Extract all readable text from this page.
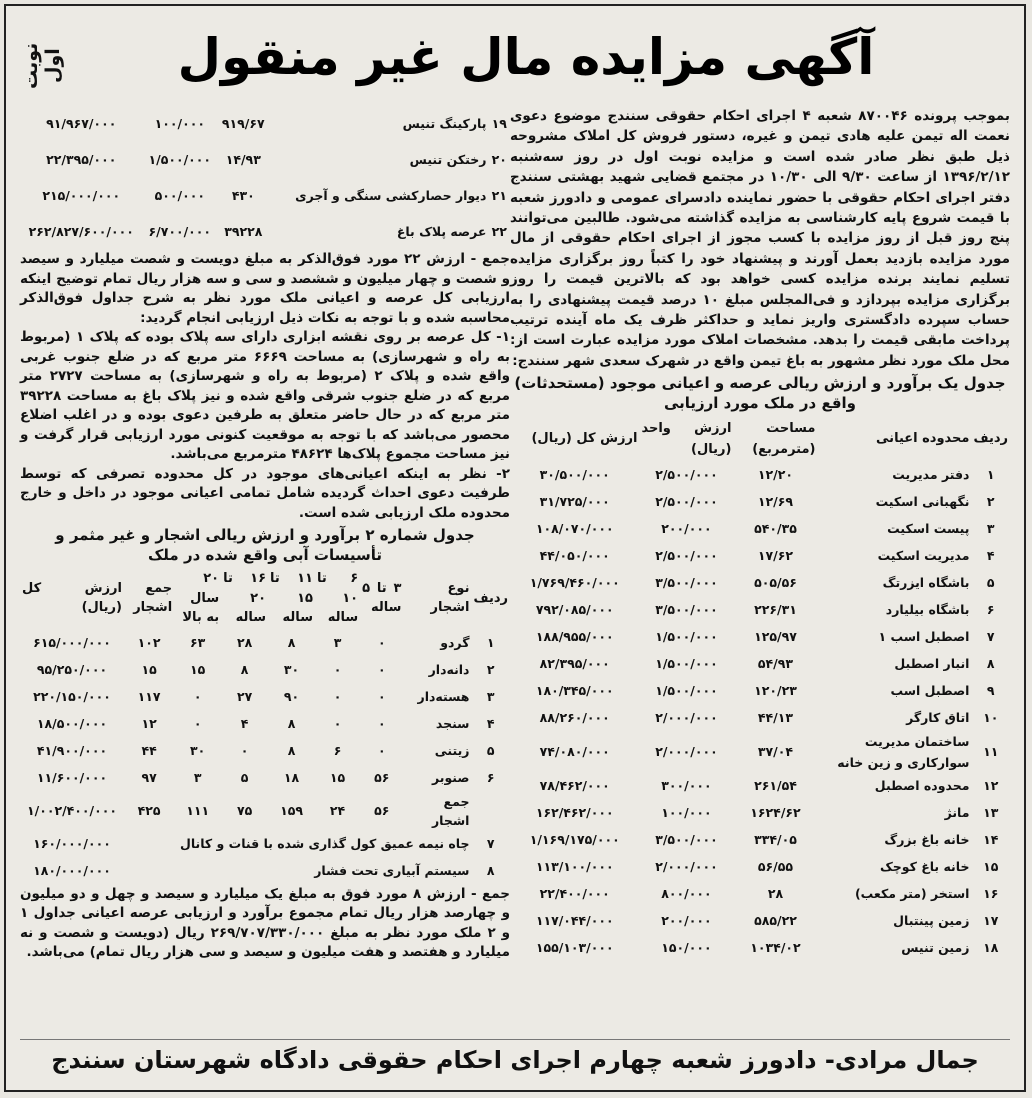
آگهی مزایده مال غیر منقول
نوبت اول

بموجب پرونده ۸۷۰۰۴۶ شعبه ۴ اجرای احکام حقوقی سنندج موضوع دعوی نعمت اله تیمن علیه هادی تیمن و غیره، دستور فروش کل املاک مشروحه ذیل طبق نظر صادر شده است و مزایده نوبت اول در روز سه‌شنبه ۱۳۹۶/۲/۱۲ از ساعت ۹/۳۰ الی ۱۰/۳۰ در مجتمع قضایی شهید بهشتی سنندج دفتر اجرای احکام حقوقی با حضور نماینده دادسرای عمومی و دادورز شعبه با قیمت شروع پایه کارشناسی به مزایده گذاشته می‌شود. طالبین می‌توانند پنج روز قبل از روز مزایده با کسب مجوز از اجرای احکام حقوقی از مال مورد مزایده بازدید بعمل آورند و پیشنهاد خود را کتباً روز برگزاری مزایده تسلیم نمایند برنده مزایده کسی خواهد بود که بالاترین قیمت را روز برگزاری مزایده بپردازد و فی‌المجلس مبلغ ۱۰ درصد قیمت پیشنهادی را به حساب سپرده دادگستری واریز نماید و حداکثر ظرف یک ماه آینده ترتیب پرداخت مابقی قیمت را بدهد. مشخصات املاک مورد مزایده عبارت است از: محل ملک مورد نظر مشهور به باغ تیمن واقع در شهرک سعدی شهر سنندج:

جدول یک برآورد و ارزش ریالی عرصه و اعیانی موجود (مستحدثات) واقع در ملک مورد ارزیابی
ردیف	محدوده اعیانی	مساحت (مترمربع)	ارزش واحد (ریال)	ارزش کل (ریال)
۱	دفتر مدیریت	۱۲/۲۰	۲/۵۰۰/۰۰۰	۳۰/۵۰۰/۰۰۰
۲	نگهبانی اسکیت	۱۲/۶۹	۲/۵۰۰/۰۰۰	۳۱/۷۲۵/۰۰۰
۳	پیست اسکیت	۵۴۰/۳۵	۲۰۰/۰۰۰	۱۰۸/۰۷۰/۰۰۰
۴	مدیریت اسکیت	۱۷/۶۲	۲/۵۰۰/۰۰۰	۴۴/۰۵۰/۰۰۰
۵	باشگاه ایزرتگ	۵۰۵/۵۶	۳/۵۰۰/۰۰۰	۱/۷۶۹/۴۶۰/۰۰۰
۶	باشگاه بیلیارد	۲۲۶/۳۱	۳/۵۰۰/۰۰۰	۷۹۲/۰۸۵/۰۰۰
۷	اصطبل اسب ۱	۱۲۵/۹۷	۱/۵۰۰/۰۰۰	۱۸۸/۹۵۵/۰۰۰
۸	انبار اصطبل	۵۴/۹۳	۱/۵۰۰/۰۰۰	۸۲/۳۹۵/۰۰۰
۹	اصطبل اسب	۱۲۰/۲۳	۱/۵۰۰/۰۰۰	۱۸۰/۳۴۵/۰۰۰
۱۰	اتاق کارگر	۴۴/۱۳	۲/۰۰۰/۰۰۰	۸۸/۲۶۰/۰۰۰
۱۱	ساختمان مدیریت سوارکاری و زین خانه	۳۷/۰۴	۲/۰۰۰/۰۰۰	۷۴/۰۸۰/۰۰۰
۱۲	محدوده اصطبل	۲۶۱/۵۴	۳۰۰/۰۰۰	۷۸/۴۶۲/۰۰۰
۱۳	مانژ	۱۶۲۴/۶۲	۱۰۰/۰۰۰	۱۶۲/۴۶۲/۰۰۰
۱۴	خانه باغ بزرگ	۳۳۴/۰۵	۳/۵۰۰/۰۰۰	۱/۱۶۹/۱۷۵/۰۰۰
۱۵	خانه باغ کوچک	۵۶/۵۵	۲/۰۰۰/۰۰۰	۱۱۳/۱۰۰/۰۰۰
۱۶	استخر (متر مکعب)	۲۸	۸۰۰/۰۰۰	۲۲/۴۰۰/۰۰۰
۱۷	زمین پینتبال	۵۸۵/۲۲	۲۰۰/۰۰۰	۱۱۷/۰۴۴/۰۰۰
۱۸	زمین تنیس	۱۰۳۴/۰۲	۱۵۰/۰۰۰	۱۵۵/۱۰۳/۰۰۰
۱۹	پارکینگ تنیس	۹۱۹/۶۷	۱۰۰/۰۰۰	۹۱/۹۶۷/۰۰۰
۲۰	رختکن تنیس	۱۴/۹۳	۱/۵۰۰/۰۰۰	۲۲/۳۹۵/۰۰۰
۲۱	دیوار حصارکشی سنگی و آجری	۴۳۰	۵۰۰/۰۰۰	۲۱۵/۰۰۰/۰۰۰
۲۲	عرصه پلاک باغ	۳۹۲۲۸	۶/۷۰۰/۰۰۰	۲۶۲/۸۲۷/۶۰۰/۰۰۰

جمع - ارزش ۲۲ مورد فوق‌الذکر به مبلغ دویست و شصت میلیارد و سیصد و شصت و چهار میلیون و ششصد و سی و سه هزار ریال تمام توضیح اینکه ارزیابی کل عرصه و اعیانی ملک مورد نظر به شرح جداول فوق‌الذکر محاسبه شده و با توجه به نکات ذیل ارزیابی انجام گردید:

۱- کل عرصه بر روی نقشه ابزاری دارای سه پلاک بوده که پلاک ۱ (مربوط به راه و شهرسازی) به مساحت ۶۶۶۹ متر مربع که در ضلع جنوب غربی واقع شده و پلاک ۲ (مربوط به راه و شهرسازی) به مساحت ۲۷۲۷ متر مربع که در ضلع جنوب شرقی واقع شده و نیز پلاک باغ به مساحت ۳۹۲۲۸ متر مربع که در حال حاضر متعلق به طرفین دعوی بوده و در اغلب اضلاع محصور می‌باشد که با توجه به موقعیت کنونی مورد ارزیابی قرار گرفت و نیز مساحت مجموع پلاک‌ها ۴۸۶۲۴ مترمربع می‌باشد.

۲- نظر به اینکه اعیانی‌های موجود در کل محدوده تصرفی که توسط طرفیت دعوی احداث گردیده شامل تمامی اعیانی موجود در داخل و خارج محدوده ملک ارزیابی شده است.

جدول شماره ۲ برآورد و ارزش ریالی اشجار و غیر مثمر و تأسیسات آبی واقع شده در ملک
ردیف	نوع اشجار	۳ تا ۵ ساله	۶ تا ۱۰ ساله	۱۱ تا ۱۵ ساله	۱۶ تا ۲۰ ساله	۲۰ سال به بالا	جمع اشجار	ارزش کل (ریال)
۱	گردو	۰	۳	۸	۲۸	۶۳	۱۰۲	۶۱۵/۰۰۰/۰۰۰
۲	دانه‌دار	۰	۰	۳۰	۸	۱۵	۱۵	۹۵/۲۵۰/۰۰۰
۳	هسته‌دار	۰	۰	۹۰	۲۷	۰	۱۱۷	۲۲۰/۱۵۰/۰۰۰
۴	سنجد	۰	۰	۸	۴	۰	۱۲	۱۸/۵۰۰/۰۰۰
۵	زیتنی	۰	۶	۸	۰	۳۰	۴۴	۴۱/۹۰۰/۰۰۰
۶	صنوبر	۵۶	۱۵	۱۸	۵	۳	۹۷	۱۱/۶۰۰/۰۰۰
	جمع اشجار	۵۶	۲۴	۱۵۹	۷۵	۱۱۱	۴۲۵	۱/۰۰۲/۴۰۰/۰۰۰
۷	چاه نیمه عمیق کول گذاری شده با قنات و کانال							۱۶۰/۰۰۰/۰۰۰
۸	سیستم آبیاری تحت فشار							۱۸۰/۰۰۰/۰۰۰

جمع - ارزش ۸ مورد فوق به مبلغ یک میلیارد و سیصد و چهل و دو میلیون و چهارصد هزار ریال تمام مجموع برآورد و ارزیابی عرصه اعیانی جداول ۱ و ۲ ملک مورد نظر به مبلغ ۲۶۹/۷۰۷/۳۳۰/۰۰۰ ریال (دویست و شصت و نه میلیارد و هفتصد و هفت میلیون و سیصد و سی هزار ریال تمام) می‌باشد.

جمال مرادی- دادورز شعبه چهارم اجرای احکام حقوقی دادگاه شهرستان سنندج
